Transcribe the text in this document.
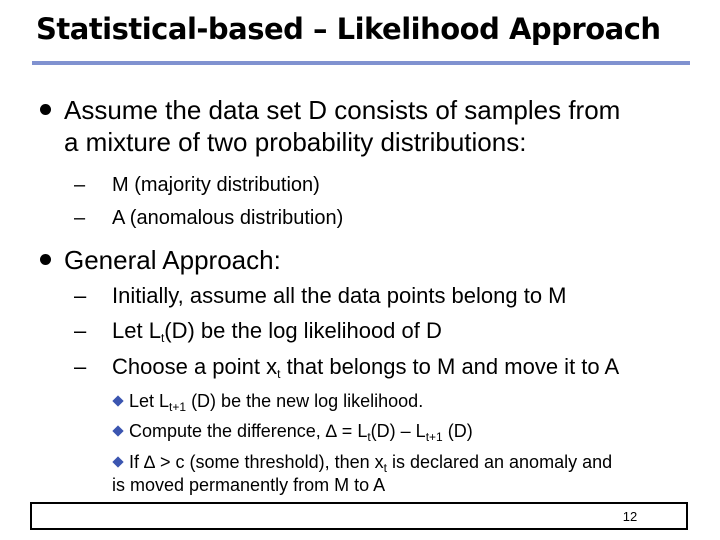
Statistical-based – Likelihood Approach
Assume the data set D consists of samples from
a mixture of two probability distributions:
– M (majority distribution)
– A (anomalous distribution)
General Approach:
– Initially, assume all the data points belong to M
– Let $L_t(D)$ be the log likelihood of D
– Choose a point $x_t$ that belongs to M and move it to A
Let $L_{t+1}$ (D) be the new log likelihood.
Compute the difference, ∆ = $L_t(D) - L_{t+1}$ (D)
If ∆ > c (some threshold), then $x_t$ is declared an anomaly and
is moved permanently from M to A
12
